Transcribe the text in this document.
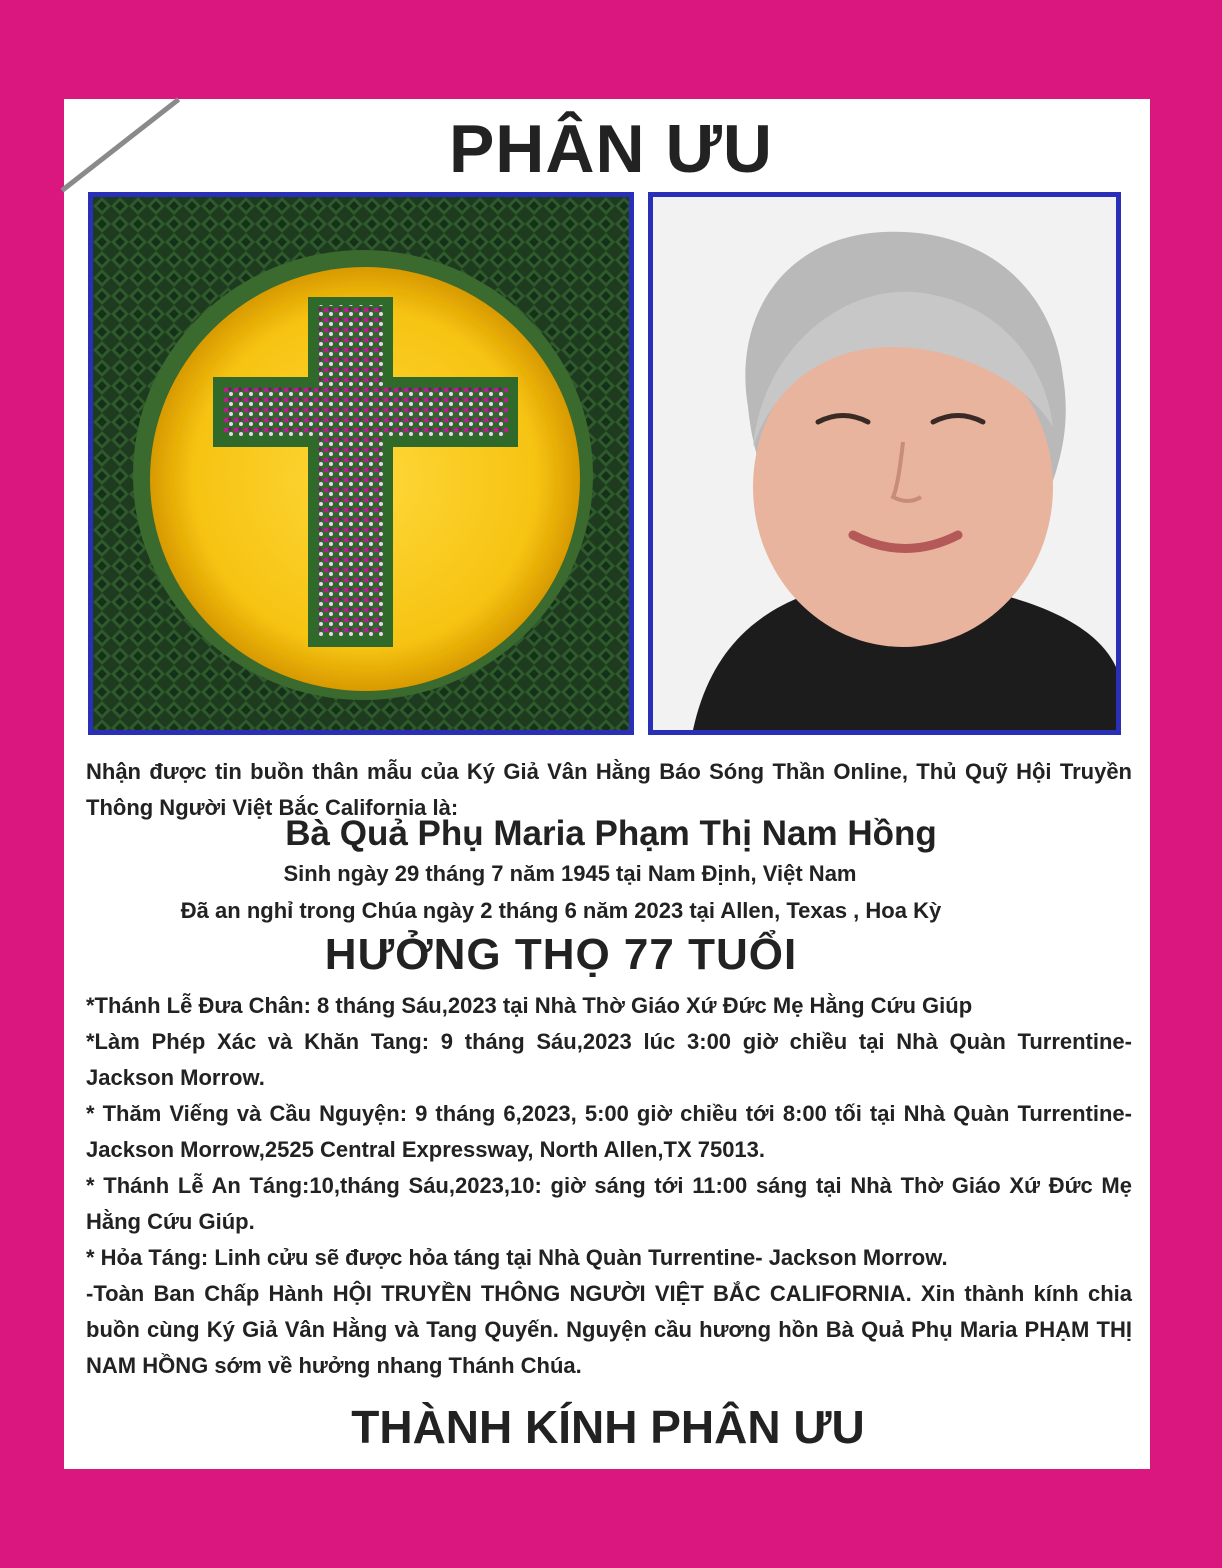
PHÂN ƯU
Nhận được tin buồn thân mẫu của Ký Giả Vân Hằng Báo Sóng Thần Online, Thủ Quỹ Hội Truyền Thông Người Việt Bắc California là:
Bà Quả Phụ Maria Phạm Thị Nam Hồng
Sinh ngày 29 tháng 7 năm 1945 tại Nam Định, Việt Nam
Đã an nghỉ trong Chúa ngày 2 tháng 6 năm 2023 tại Allen, Texas , Hoa Kỳ
HƯỞNG THỌ 77 TUỔI

*Thánh Lễ Đưa Chân: 8 tháng Sáu,2023 tại Nhà Thờ Giáo Xứ Đức Mẹ Hằng Cứu Giúp

*Làm Phép Xác và Khăn Tang: 9 tháng Sáu,2023 lúc 3:00 giờ chiều tại Nhà Quàn Turrentine- Jackson Morrow.

* Thăm Viếng và Cầu Nguyện: 9 tháng 6,2023, 5:00 giờ chiều tới 8:00 tối tại Nhà Quàn Turrentine- Jackson Morrow,2525 Central Expressway, North Allen,TX 75013.

* Thánh Lễ An Táng:10,tháng Sáu,2023,10: giờ sáng tới 11:00 sáng tại Nhà Thờ Giáo Xứ Đức Mẹ Hằng Cứu Giúp.

* Hỏa Táng: Linh cửu sẽ được hỏa táng tại Nhà Quàn Turrentine- Jackson Morrow.

-Toàn Ban Chấp Hành HỘI TRUYỀN THÔNG NGƯỜI VIỆT BẮC CALIFORNIA. Xin thành kính chia buồn cùng Ký Giả Vân Hằng và Tang Quyến. Nguyện cầu hương hồn Bà Quả Phụ Maria PHẠM THỊ NAM HỒNG sớm về hưởng nhang Thánh Chúa.

THÀNH KÍNH PHÂN ƯU
